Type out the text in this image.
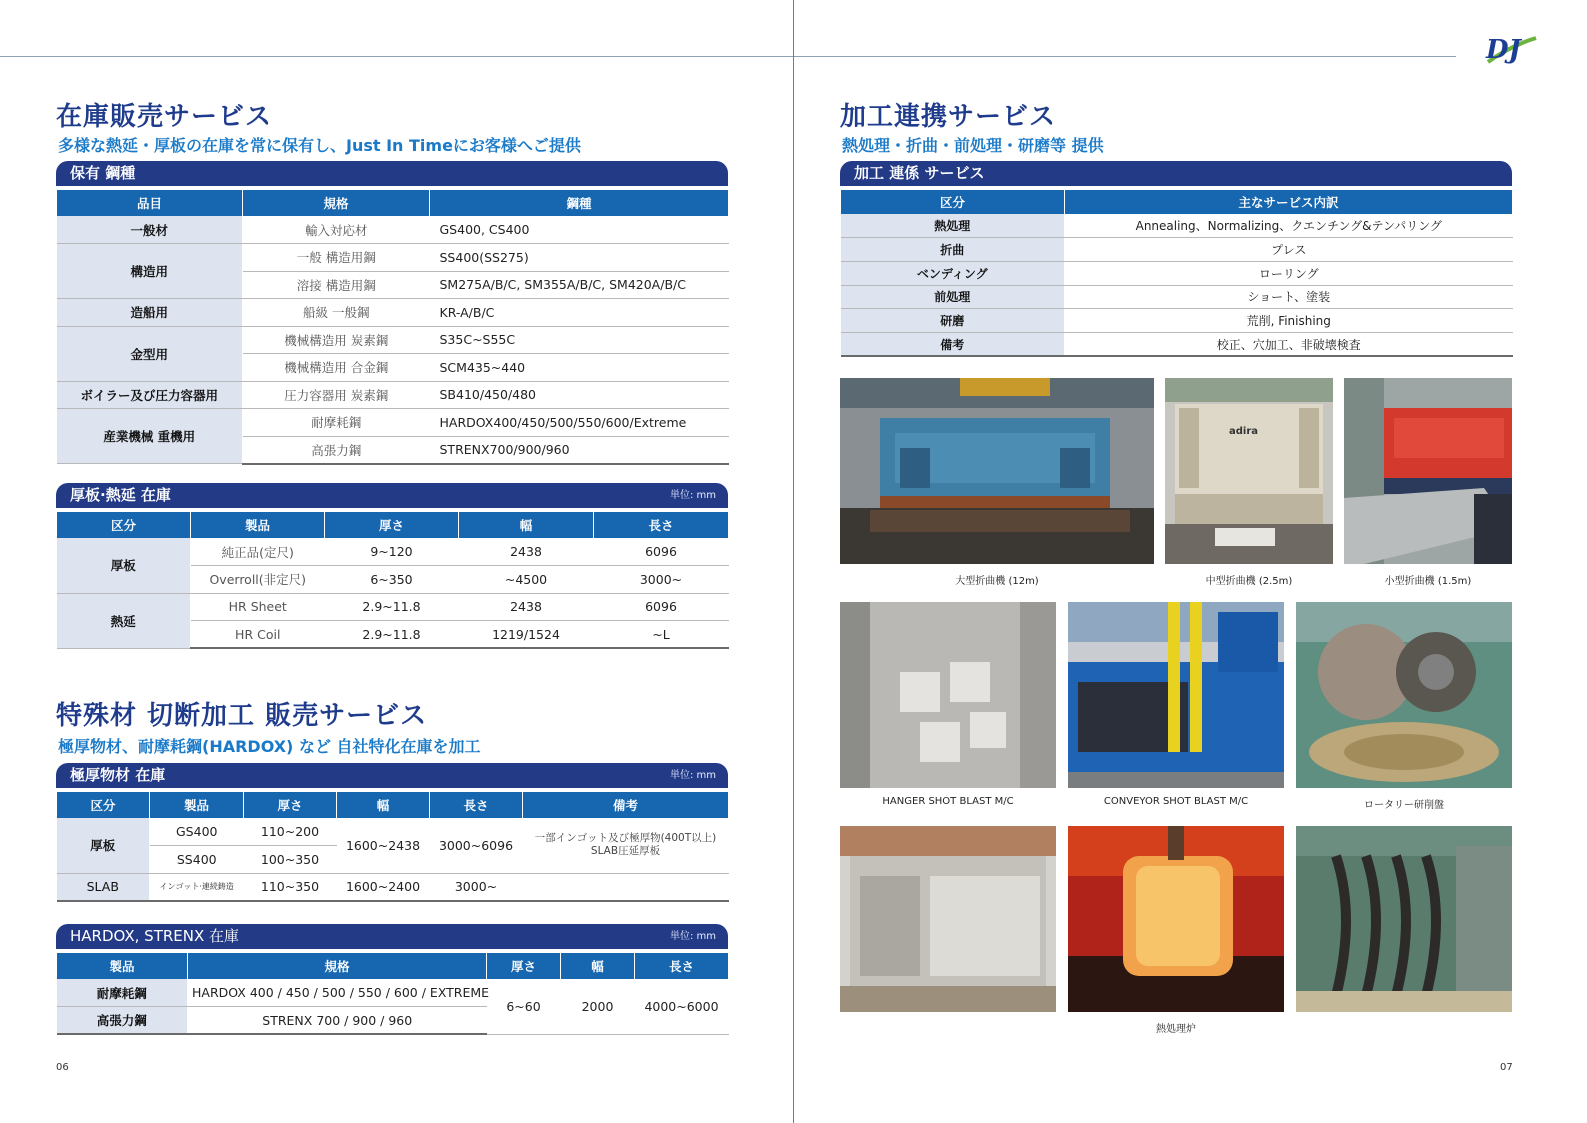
DJ
在庫販売サービス
多様な熱延・厚板の在庫を常に保有し、Just In Timeにお客様へご提供
保有 鋼種
品目	規格	鋼種
一般材	輸入対応材	GS400, CS400
構造用	一般 構造用鋼	SS400(SS275)
	溶接 構造用鋼	SM275A/B/C, SM355A/B/C, SM420A/B/C
造船用	船級 一般鋼	KR-A/B/C
金型用	機械構造用 炭素鋼	S35C~S55C
	機械構造用 合金鋼	SCM435~440
ボイラー及び圧力容器用	圧力容器用 炭素鋼	SB410/450/480
産業機械 重機用	耐摩耗鋼	HARDOX400/450/500/550/600/Extreme
	高張力鋼	STRENX700/900/960
厚板·熱延 在庫	単位: mm
区分	製品	厚さ	幅	長さ
厚板	純正品(定尺)	9~120	2438	6096
	Overroll(非定尺)	6~350	~4500	3000~
熱延	HR Sheet	2.9~11.8	2438	6096
	HR Coil	2.9~11.8	1219/1524	~L
特殊材 切断加工 販売サービス
極厚物材、耐摩耗鋼(HARDOX) など 自社特化在庫を加工
極厚物材 在庫	単位: mm
区分	製品	厚さ	幅	長さ	備考
厚板	GS400	110~200	1600~2438	3000~6096	一部インゴット及び極厚物(400T以上) SLAB圧延厚板
	SS400	100~350			
SLAB	インゴット·連続鋳造	110~350	1600~2400	3000~	
HARDOX, STRENX 在庫	単位: mm
製品	規格	厚さ	幅	長さ
耐摩耗鋼	HARDOX 400 / 450 / 500 / 550 / 600 / EXTREME	6~60	2000	4000~6000
高張力鋼	STRENX 700 / 900 / 960			
06
加工連携サービス
熱処理・折曲・前処理・研磨等 提供
加工 連係 サービス
区分	主なサービス内訳
熱処理	Annealing、Normalizing、クエンチング&テンパリング
折曲	プレス
ベンディング	ローリング
前処理	ショート、塗装
研磨	荒削, Finishing
備考	校正、穴加工、非破壊検査
adira
大型折曲機 (12m)	中型折曲機 (2.5m)	小型折曲機 (1.5m)
HANGER SHOT BLAST M/C	CONVEYOR SHOT BLAST M/C	ロータリー研削盤
熱処理炉
07
